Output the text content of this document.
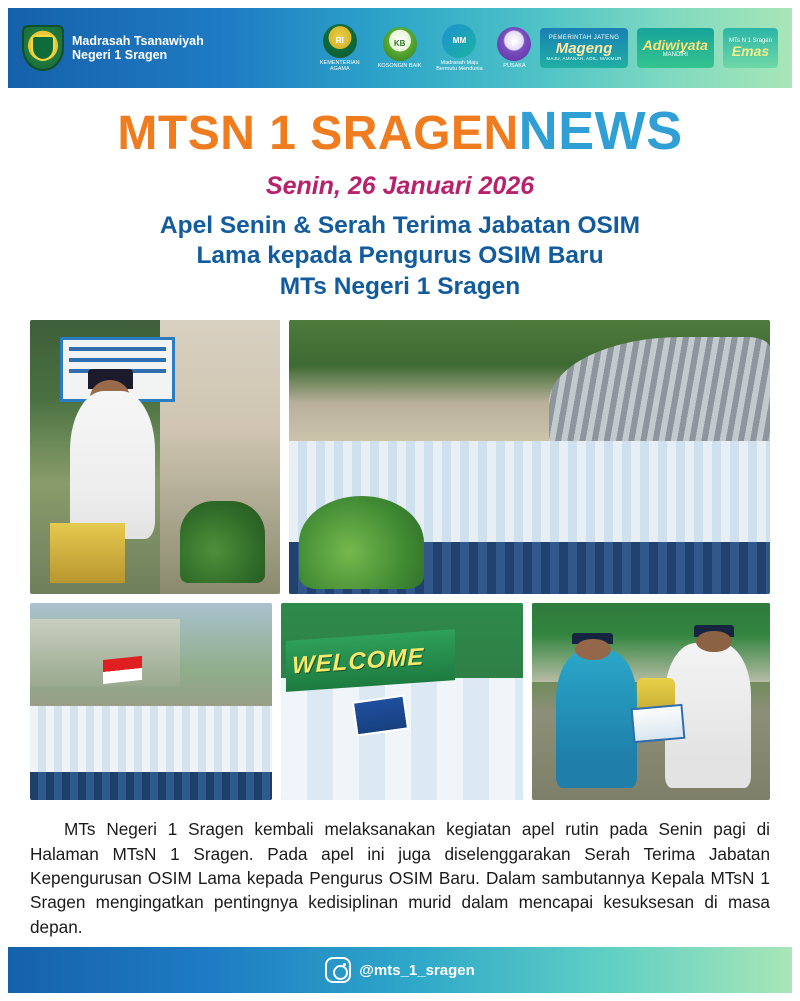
Madrasah Tsanawiyah
Negeri 1 Sragen
RI
KEMENTERIAN AGAMA
KB
KOSONGIN BAIK
MM
Madrasah Maju Bermutu Mendunia
P
PUSAKA
PEMERINTAH JATENG
Mageng
MAJU, AMANAH, ADIL, MAKMUR
Adiwiyata
MANDIRI
MTs N 1 Sragen
Emas
MTSN 1 SRAGENNEWS
Senin, 26 Januari 2026
Apel Senin & Serah Terima Jabatan OSIM
Lama kepada Pengurus OSIM Baru
MTs Negeri 1 Sragen
WELCOME
MTs Negeri 1 Sragen kembali melaksanakan kegiatan apel rutin pada Senin pagi di Halaman MTsN 1 Sragen. Pada apel ini juga diselenggarakan Serah Terima Jabatan Kepengurusan OSIM Lama kepada Pengurus OSIM Baru. Dalam sambutannya Kepala MTsN 1 Sragen mengingatkan pentingnya kedisiplinan murid dalam mencapai kesuksesan di masa depan.
@mts_1_sragen
